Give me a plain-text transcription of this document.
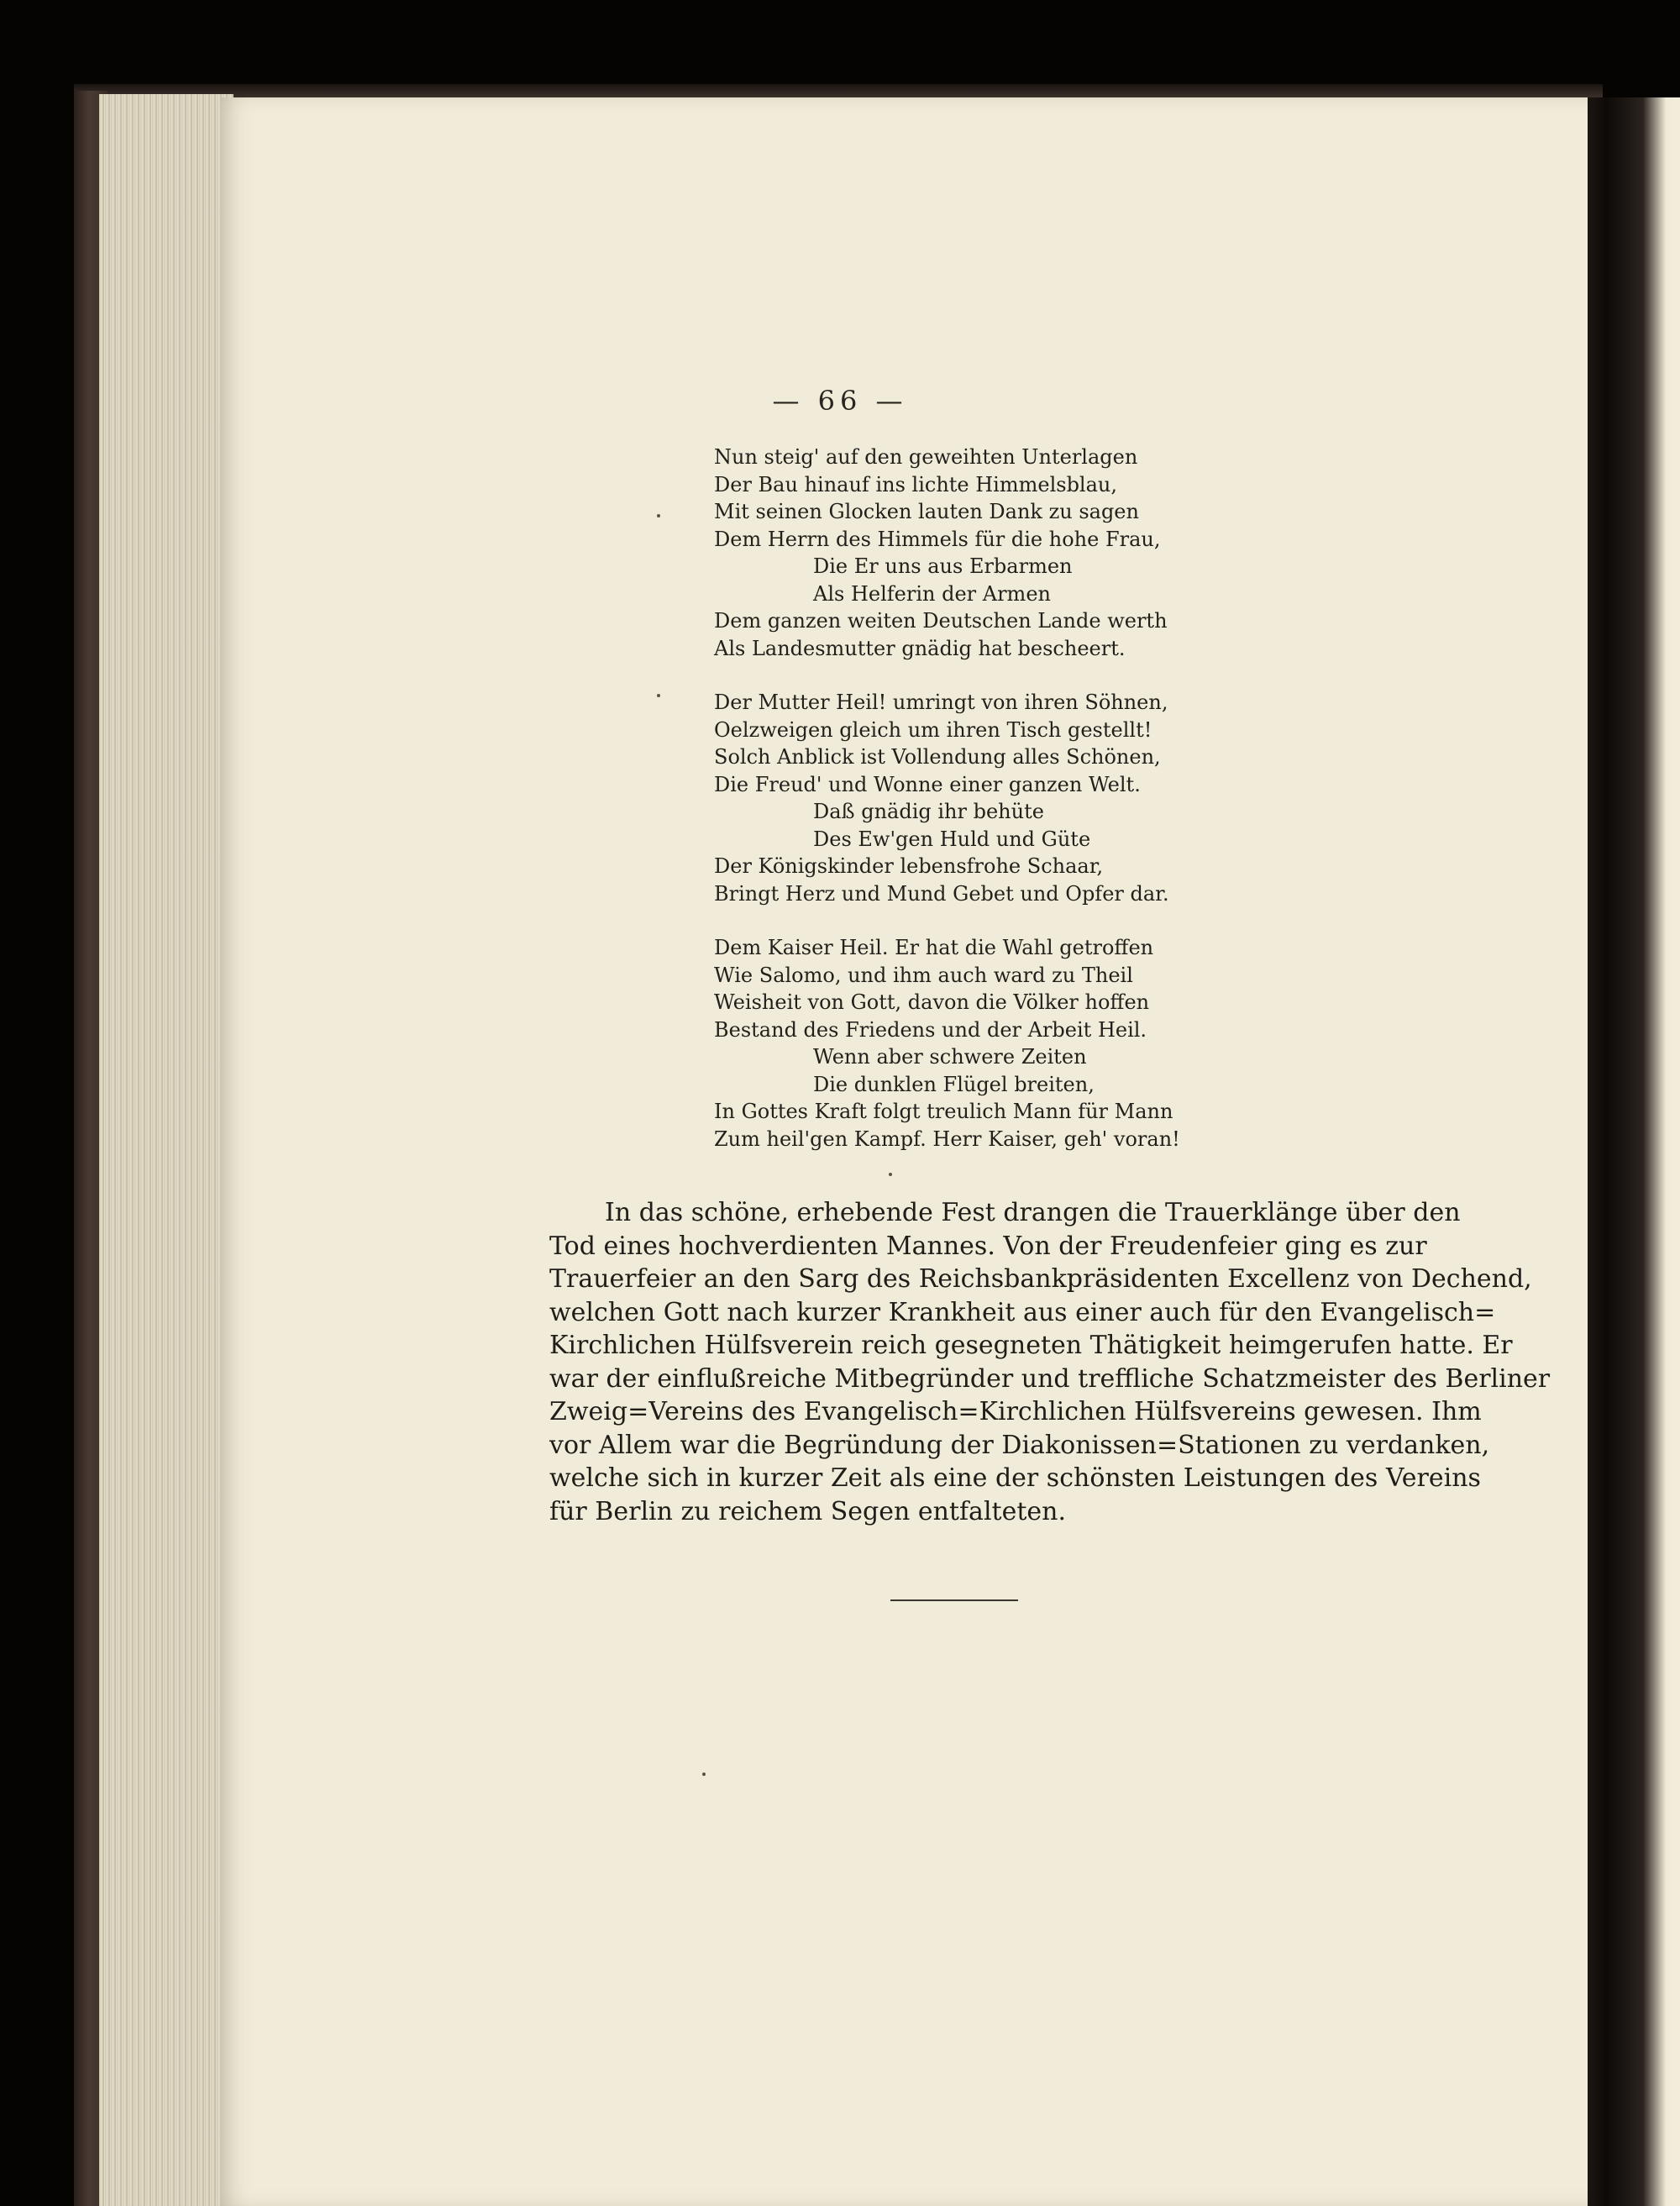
— 66 —
Nun steig' auf den geweihten Unterlagen
Der Bau hinauf ins lichte Himmelsblau,
Mit seinen Glocken lauten Dank zu sagen
Dem Herrn des Himmels für die hohe Frau,
Die Er uns aus Erbarmen
Als Helferin der Armen
Dem ganzen weiten Deutschen Lande werth
Als Landesmutter gnädig hat bescheert.
Der Mutter Heil! umringt von ihren Söhnen,
Oelzweigen gleich um ihren Tisch gestellt!
Solch Anblick ist Vollendung alles Schönen,
Die Freud' und Wonne einer ganzen Welt.
Daß gnädig ihr behüte
Des Ew'gen Huld und Güte
Der Königskinder lebensfrohe Schaar,
Bringt Herz und Mund Gebet und Opfer dar.
Dem Kaiser Heil. Er hat die Wahl getroffen
Wie Salomo, und ihm auch ward zu Theil
Weisheit von Gott, davon die Völker hoffen
Bestand des Friedens und der Arbeit Heil.
Wenn aber schwere Zeiten
Die dunklen Flügel breiten,
In Gottes Kraft folgt treulich Mann für Mann
Zum heil'gen Kampf. Herr Kaiser, geh' voran!
In das schöne, erhebende Fest drangen die Trauerklänge über den
Tod eines hochverdienten Mannes. Von der Freudenfeier ging es zur
Trauerfeier an den Sarg des Reichsbankpräsidenten Excellenz von Dechend,
welchen Gott nach kurzer Krankheit aus einer auch für den Evangelisch=
Kirchlichen Hülfsverein reich gesegneten Thätigkeit heimgerufen hatte. Er
war der einflußreiche Mitbegründer und treffliche Schatzmeister des Berliner
Zweig=Vereins des Evangelisch=Kirchlichen Hülfsvereins gewesen. Ihm
vor Allem war die Begründung der Diakonissen=Stationen zu verdanken,
welche sich in kurzer Zeit als eine der schönsten Leistungen des Vereins
für Berlin zu reichem Segen entfalteten.
